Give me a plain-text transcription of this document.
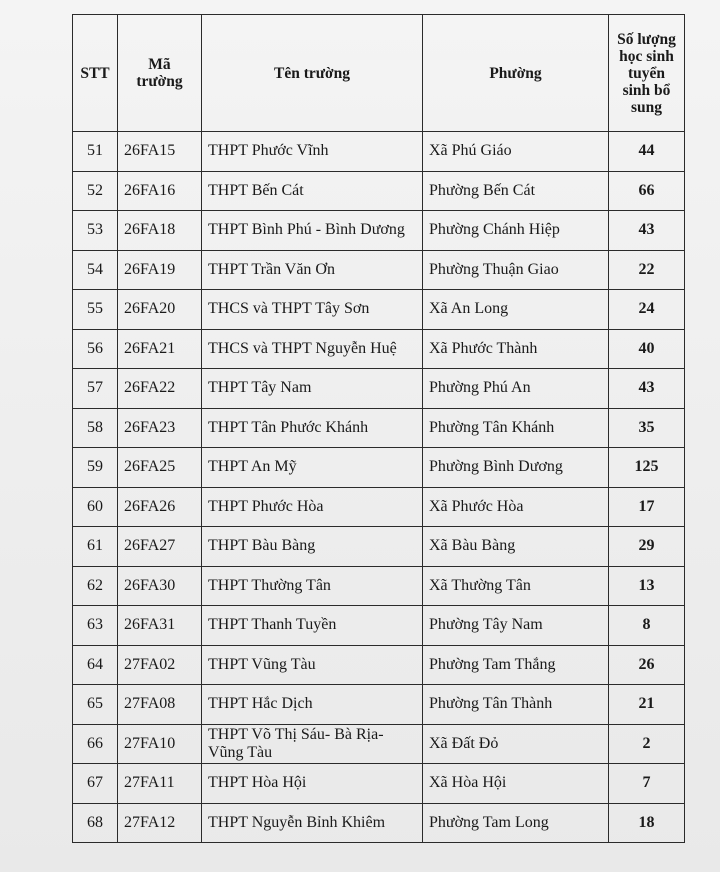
STT	Mã trường	Tên trường	Phường	Số lượng học sinh tuyển sinh bổ sung
51	26FA15	THPT Phước Vĩnh	Xã Phú Giáo	44
52	26FA16	THPT Bến Cát	Phường Bến Cát	66
53	26FA18	THPT Bình Phú - Bình Dương	Phường Chánh Hiệp	43
54	26FA19	THPT Trần Văn Ơn	Phường Thuận Giao	22
55	26FA20	THCS và THPT Tây Sơn	Xã An Long	24
56	26FA21	THCS và THPT Nguyễn Huệ	Xã Phước Thành	40
57	26FA22	THPT Tây Nam	Phường Phú An	43
58	26FA23	THPT Tân Phước Khánh	Phường Tân Khánh	35
59	26FA25	THPT An Mỹ	Phường Bình Dương	125
60	26FA26	THPT Phước Hòa	Xã Phước Hòa	17
61	26FA27	THPT Bàu Bàng	Xã Bàu Bàng	29
62	26FA30	THPT Thường Tân	Xã Thường Tân	13
63	26FA31	THPT Thanh Tuyền	Phường Tây Nam	8
64	27FA02	THPT Vũng Tàu	Phường Tam Thắng	26
65	27FA08	THPT Hắc Dịch	Phường Tân Thành	21
66	27FA10	THPT Võ Thị Sáu- Bà Rịa-Vũng Tàu	Xã Đất Đỏ	2
67	27FA11	THPT Hòa Hội	Xã Hòa Hội	7
68	27FA12	THPT Nguyễn Bỉnh Khiêm	Phường Tam Long	18
